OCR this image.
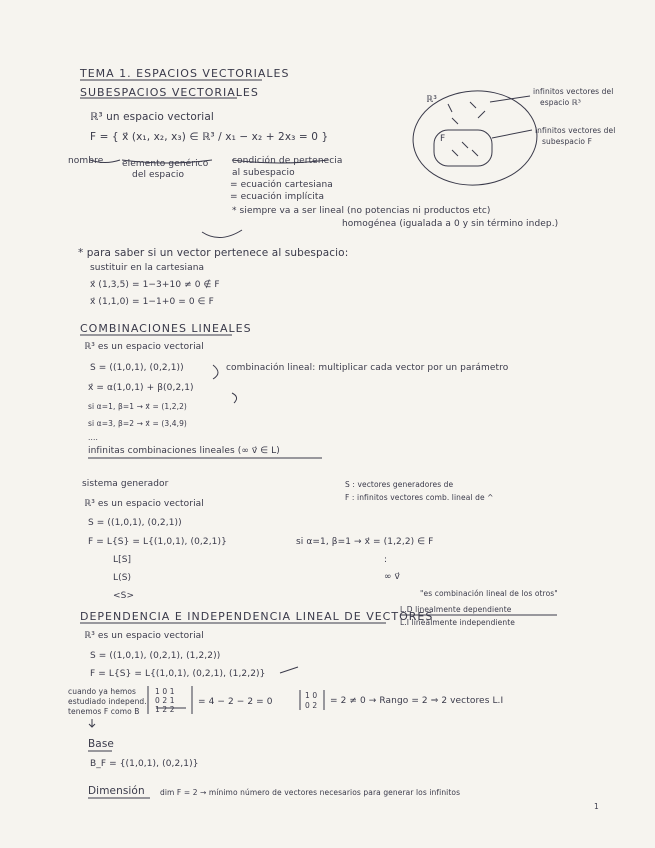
TEMA 1. ESPACIOS VECTORIALES
SUBESPACIOS VECTORIALES
ℝ³ un espacio vectorial
F = { x⃗ (x₁, x₂, x₃) ∈ ℝ³ / x₁ − x₂ + 2x₃ = 0 }
nombre elemento genérico
del espacio
condición de pertenecia
al subespacio
= ecuación cartesiana
= ecuación implícita
* siempre va a ser lineal (no potencias ni productos etc)
homogénea (igualada a 0 y sin término indep.)
ℝ³
F
infinitos vectores del
espacio ℝ³
infinitos vectores del
subespacio F
* para saber si un vector pertenece al subespacio:
sustituir en la cartesiana
x⃗ (1,3,5) = 1−3+10 ≠ 0 ∉ F
x⃗ (1,1,0) = 1−1+0 = 0 ∈ F
COMBINACIONES LINEALES
ℝ³ es un espacio vectorial
S = ((1,0,1), (0,2,1))	combinación lineal: multiplicar cada vector por un parámetro
x⃗ = α(1,0,1) + β(0,2,1)
si α=1, β=1 → x⃗ = (1,2,2)
si α=3, β=2 → x⃗ = (3,4,9)
....
infinitas combinaciones lineales (∞ v⃗ ∈ L)
sistema generador
ℝ³ es un espacio vectorial
S = ((1,0,1), (0,2,1))
F = L{S} = L{(1,0,1), (0,2,1)}
L[S]
L(S)
<S>
S : vectores generadores de
F : infinitos vectores comb. lineal de ^
si α=1, β=1 → x⃗ = (1,2,2) ∈ F
:
∞ v⃗
"es combinación lineal de los otros"
DEPENDENCIA E INDEPENDENCIA LINEAL DE VECTORES
L.D linealmente dependiente
L.I linealmente independiente
ℝ³ es un espacio vectorial
S = ((1,0,1), (0,2,1), (1,2,2))
F = L{S} = L{(1,0,1), (0,2,1), (1,2,2)}
cuando ya hemos
estudiado independ.
tenemos F como B
1 0 1
0 2 1
1 2 2
= 4 − 2 − 2 = 0
1 0
0 2 = 2 ≠ 0 → Rango = 2 ⇒ 2 vectores L.I
Base
B_F = {(1,0,1), (0,2,1)}
Dimensión dim F = 2 → mínimo número de vectores necesarios para generar los infinitos
1
